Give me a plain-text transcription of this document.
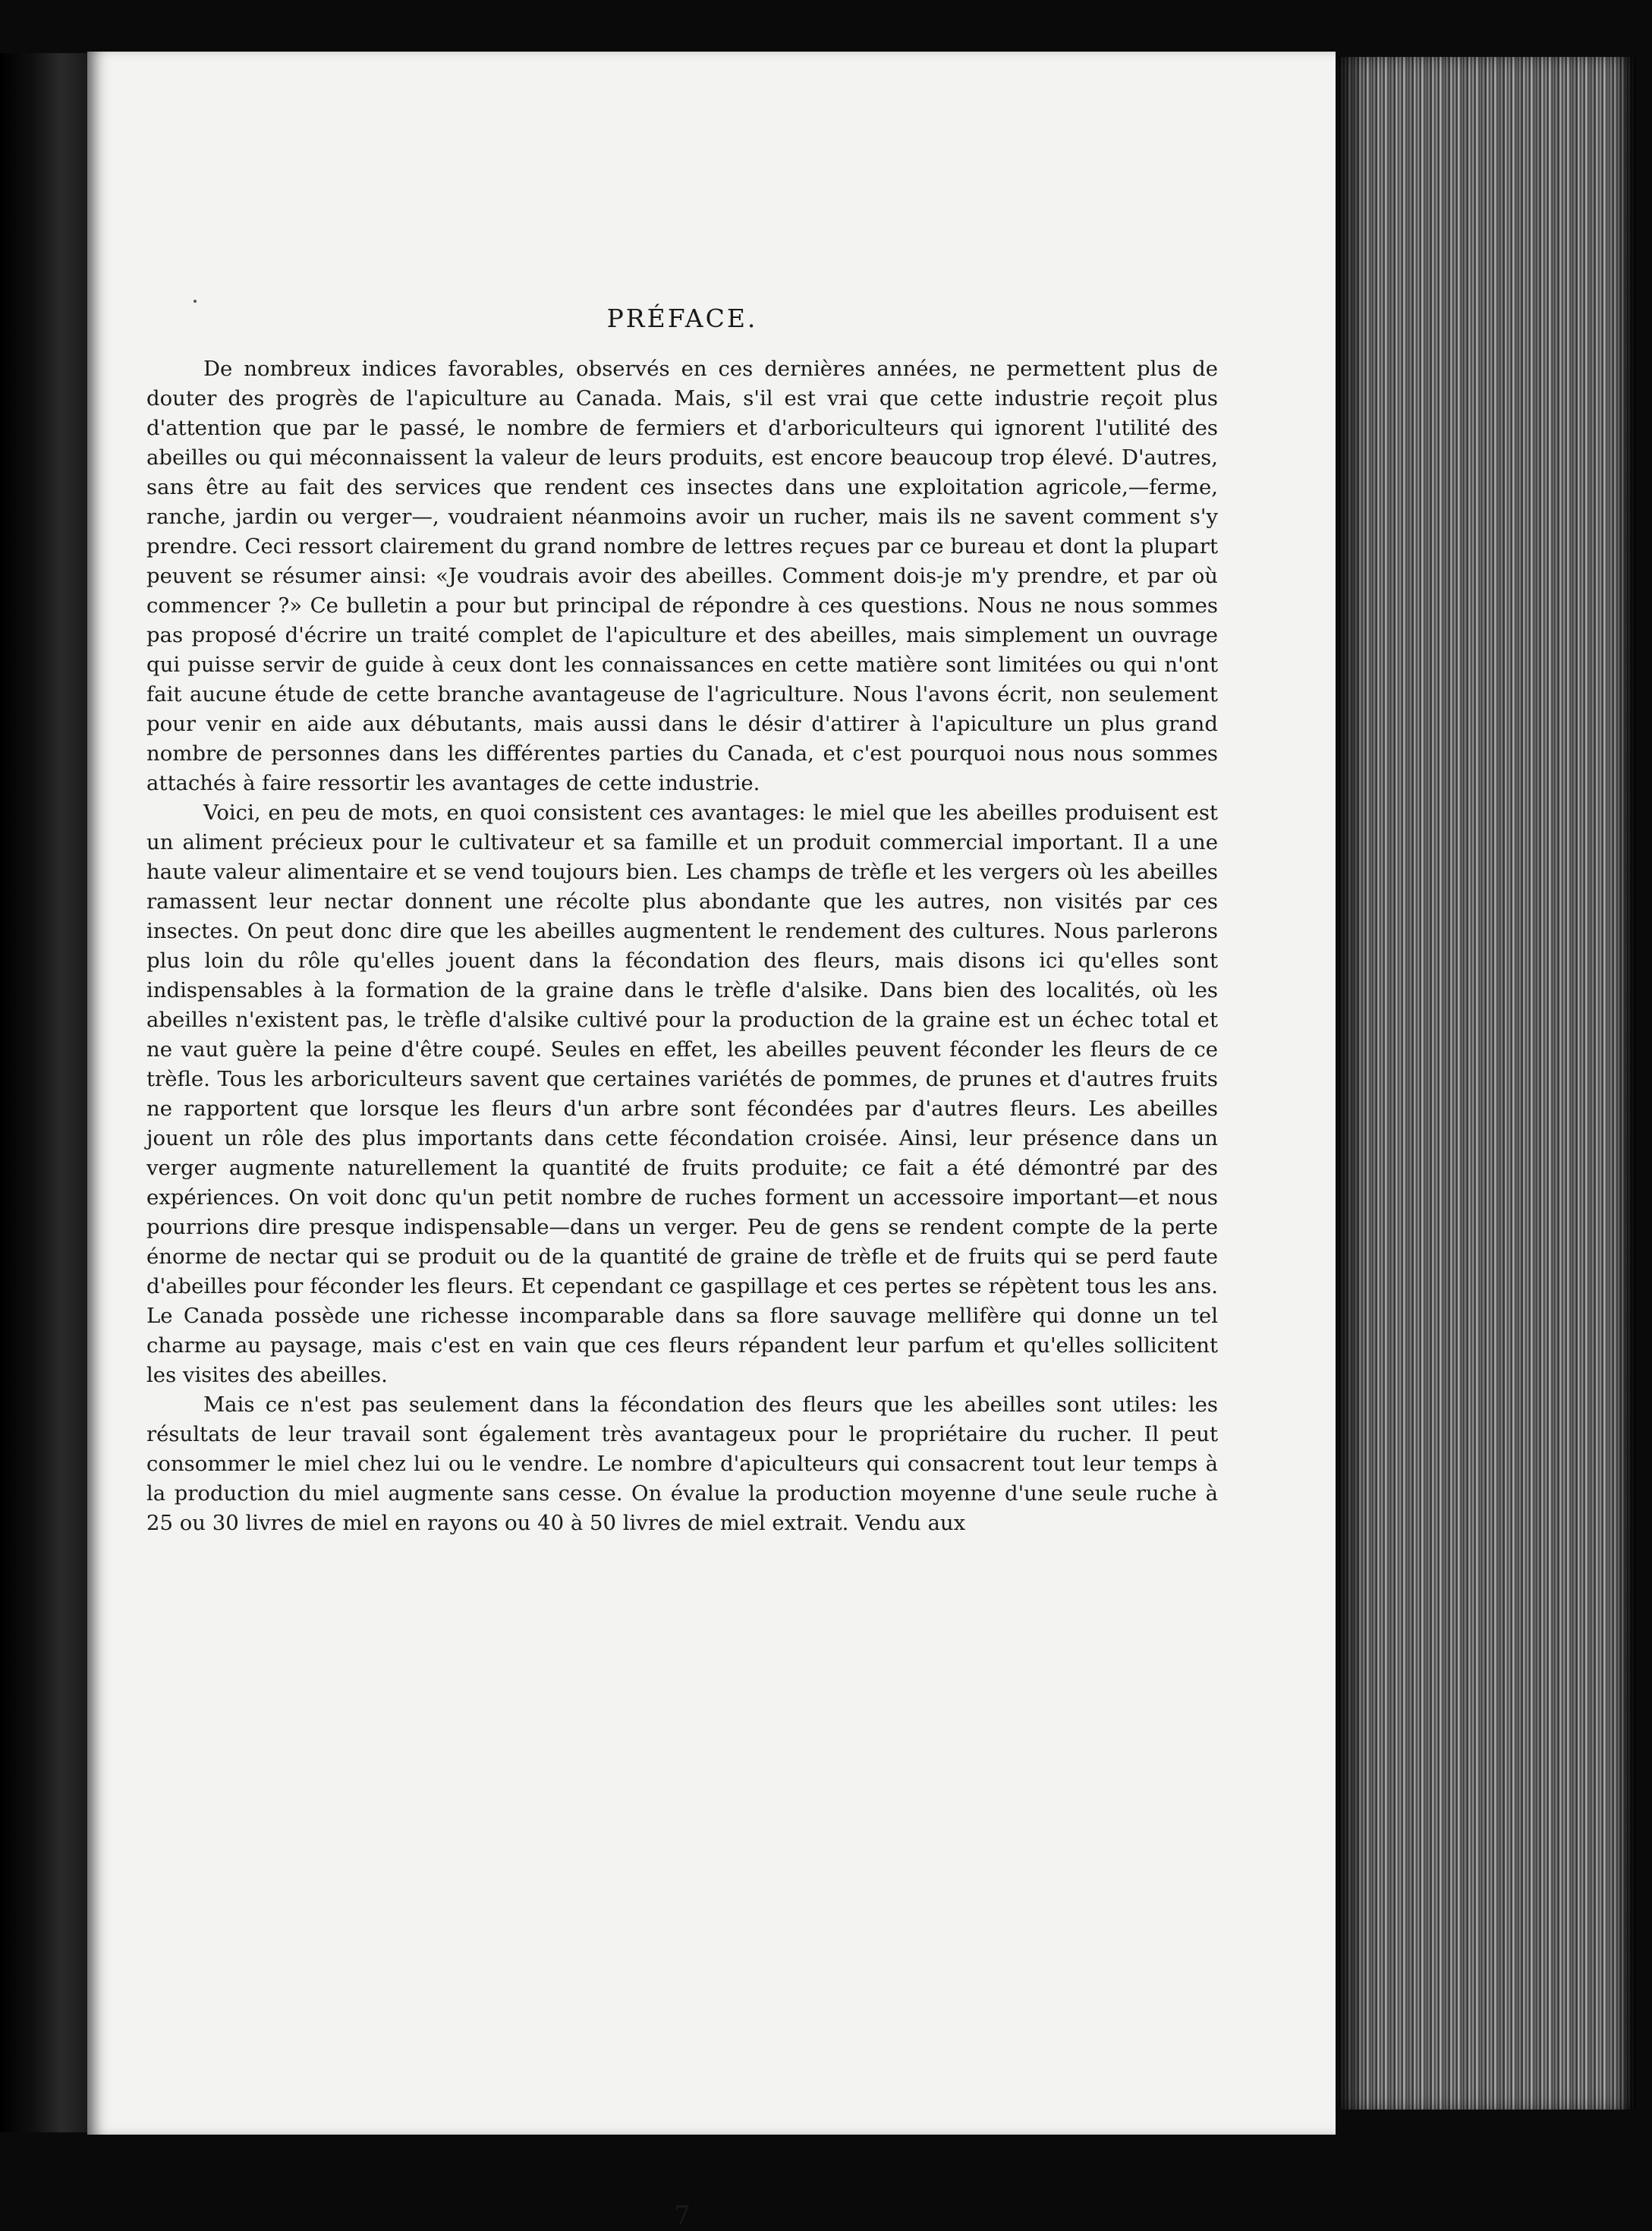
PRÉFACE.

De nombreux indices favorables, observés en ces dernières années, ne permettent plus de douter des progrès de l'apiculture au Canada. Mais, s'il est vrai que cette industrie reçoit plus d'attention que par le passé, le nombre de fermiers et d'arboriculteurs qui ignorent l'utilité des abeilles ou qui méconnaissent la valeur de leurs produits, est encore beaucoup trop élevé. D'autres, sans être au fait des services que rendent ces insectes dans une exploitation agricole,—ferme, ranche, jardin ou verger—, voudraient néanmoins avoir un rucher, mais ils ne savent comment s'y prendre. Ceci ressort clairement du grand nombre de lettres reçues par ce bureau et dont la plupart peuvent se résumer ainsi: «Je voudrais avoir des abeilles. Comment dois-je m'y prendre, et par où commencer ?» Ce bulletin a pour but principal de répondre à ces questions. Nous ne nous sommes pas proposé d'écrire un traité complet de l'apiculture et des abeilles, mais simplement un ouvrage qui puisse servir de guide à ceux dont les connaissances en cette matière sont limitées ou qui n'ont fait aucune étude de cette branche avantageuse de l'agriculture. Nous l'avons écrit, non seulement pour venir en aide aux débutants, mais aussi dans le désir d'attirer à l'apiculture un plus grand nombre de personnes dans les différentes parties du Canada, et c'est pourquoi nous nous sommes attachés à faire ressortir les avantages de cette industrie.

Voici, en peu de mots, en quoi consistent ces avantages: le miel que les abeilles produisent est un aliment précieux pour le cultivateur et sa famille et un produit commercial important. Il a une haute valeur alimentaire et se vend toujours bien. Les champs de trèfle et les vergers où les abeilles ramassent leur nectar donnent une récolte plus abondante que les autres, non visités par ces insectes. On peut donc dire que les abeilles augmentent le rendement des cultures. Nous parlerons plus loin du rôle qu'elles jouent dans la fécondation des fleurs, mais disons ici qu'elles sont indispensables à la formation de la graine dans le trèfle d'alsike. Dans bien des localités, où les abeilles n'existent pas, le trèfle d'alsike cultivé pour la production de la graine est un échec total et ne vaut guère la peine d'être coupé. Seules en effet, les abeilles peuvent féconder les fleurs de ce trèfle. Tous les arboriculteurs savent que certaines variétés de pommes, de prunes et d'autres fruits ne rapportent que lorsque les fleurs d'un arbre sont fécondées par d'autres fleurs. Les abeilles jouent un rôle des plus importants dans cette fécondation croisée. Ainsi, leur présence dans un verger augmente naturellement la quantité de fruits produite; ce fait a été démontré par des expériences. On voit donc qu'un petit nombre de ruches forment un accessoire important—et nous pourrions dire presque indispensable—dans un verger. Peu de gens se rendent compte de la perte énorme de nectar qui se produit ou de la quantité de graine de trèfle et de fruits qui se perd faute d'abeilles pour féconder les fleurs. Et cependant ce gaspillage et ces pertes se répètent tous les ans. Le Canada possède une richesse incomparable dans sa flore sauvage mellifère qui donne un tel charme au paysage, mais c'est en vain que ces fleurs répandent leur parfum et qu'elles sollicitent les visites des abeilles.

Mais ce n'est pas seulement dans la fécondation des fleurs que les abeilles sont utiles: les résultats de leur travail sont également très avantageux pour le propriétaire du rucher. Il peut consommer le miel chez lui ou le vendre. Le nombre d'apiculteurs qui consacrent tout leur temps à la production du miel augmente sans cesse. On évalue la production moyenne d'une seule ruche à 25 ou 30 livres de miel en rayons ou 40 à 50 livres de miel extrait. Vendu aux

7
